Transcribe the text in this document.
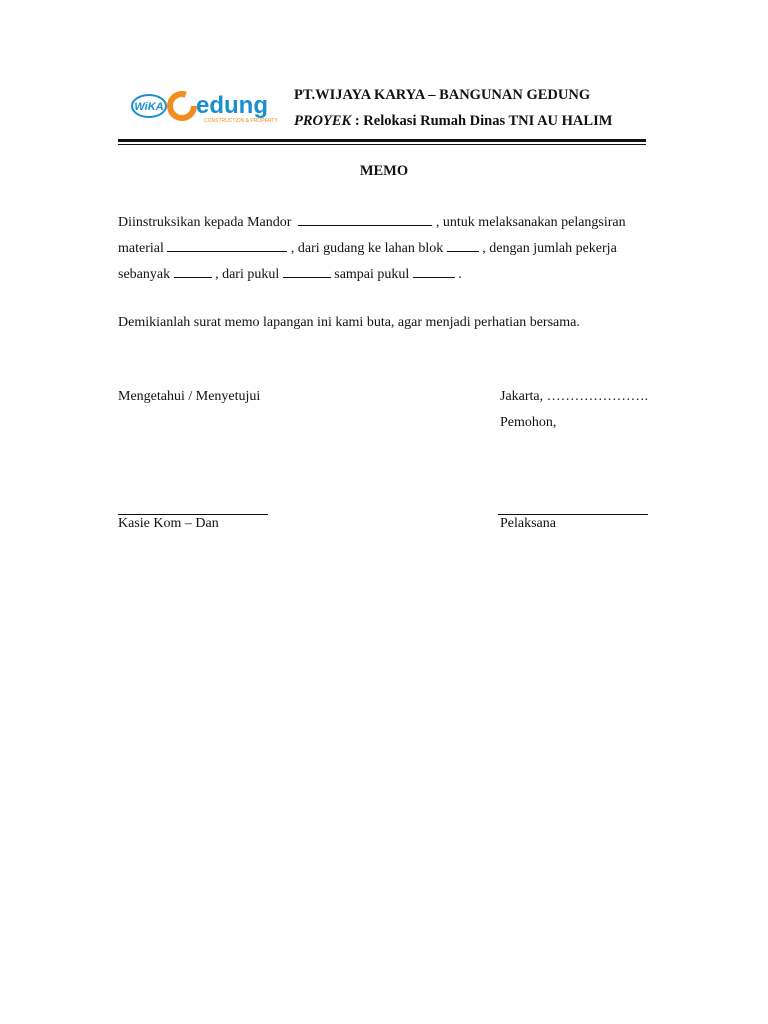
WiKA edung
Gedung
CONSTRUCTION & PROPERTY
PT.WIJAYA KARYA – BANGUNAN GEDUNG
PROYEK : Relokasi Rumah Dinas TNI AU HALIM
MEMO
Diinstruksikan kepada Mandor	, untuk melaksanakan pelangsiran
material	, dari gudang ke lahan blok	, dengan jumlah pekerja
sebanyak	, dari pukul	sampai pukul	.
Demikianlah surat memo lapangan ini kami buta, agar menjadi perhatian bersama.
Mengetahui / Menyetujui	Jakarta, ………………….
Pemohon,
Kasie Kom – Dan	Pelaksana
